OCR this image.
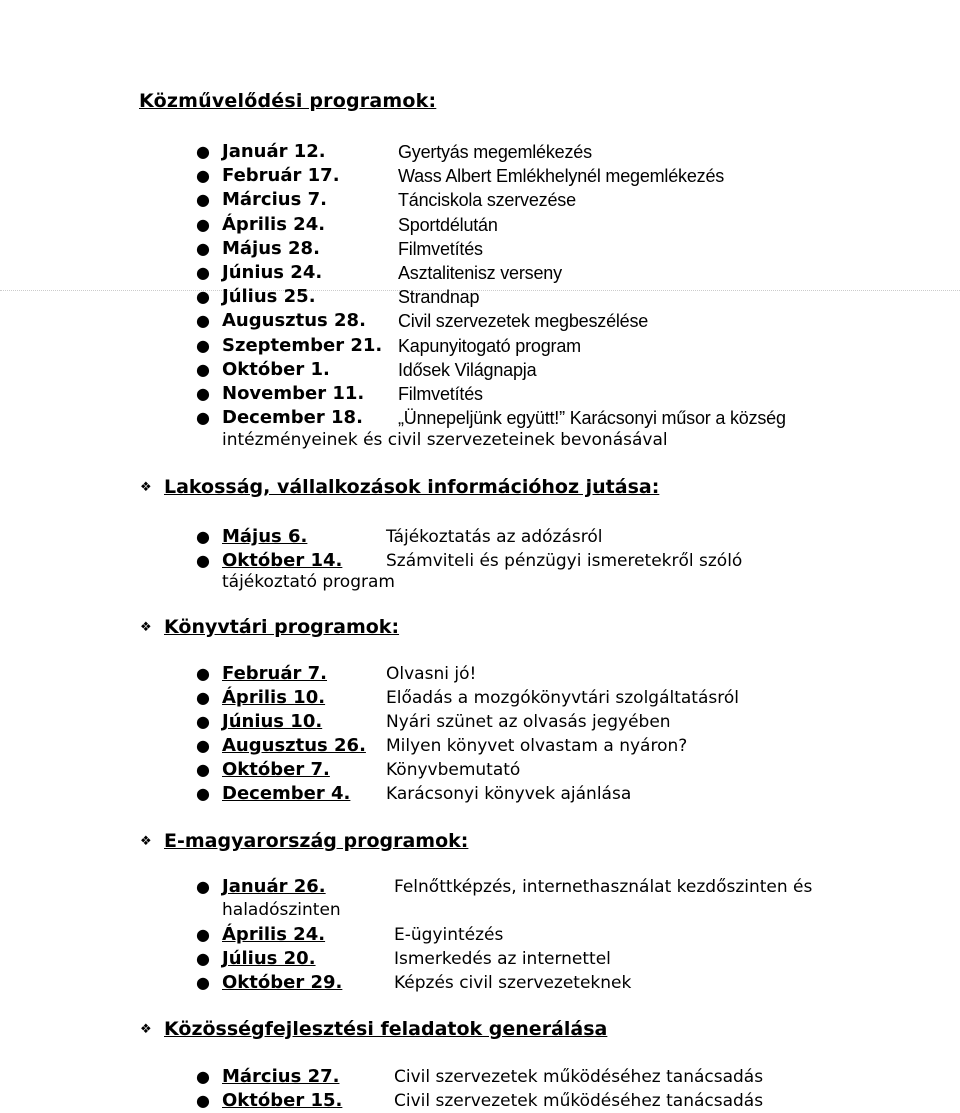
Közművelődési programok:
● Január 12.	Gyertyás megemlékezés
● Február 17.	Wass Albert Emlékhelynél megemlékezés
● Március 7.	Tánciskola szervezése
● Április 24.	Sportdélután
● Május 28.	Filmvetítés
● Június 24.	Asztalitenisz verseny
● Július 25.	Strandnap
● Augusztus 28. Civil szervezetek megbeszélése
● Szeptember 21. Kapunyitogató program
● Október 1.	Idősek Világnapja
● November 11. Filmvetítés
● December 18. „Ünnepeljünk együtt!” Karácsonyi műsor a község
intézményeinek és civil szervezeteinek bevonásával
❖ Lakosság, vállalkozások információhoz jutása:
● Május 6.	Tájékoztatás az adózásról
● Október 14.	Számviteli és pénzügyi ismeretekről szóló
tájékoztató program
❖ Könyvtári programok:
● Február 7.	Olvasni jó!
● Április 10.	Előadás a mozgókönyvtári szolgáltatásról
● Június 10.	Nyári szünet az olvasás jegyében
● Augusztus 26. Milyen könyvet olvastam a nyáron?
● Október 7.	Könyvbemutató
● December 4. Karácsonyi könyvek ajánlása
❖ E-magyarország programok:
● Január 26.	Felnőttképzés, internethasználat kezdőszinten és
haladószinten
● Április 24.	E-ügyintézés
● Július 20.	Ismerkedés az internettel
● Október 29.	Képzés civil szervezeteknek
❖ Közösségfejlesztési feladatok generálása
● Március 27.	Civil szervezetek működéséhez tanácsadás
● Október 15.	Civil szervezetek működéséhez tanácsadás
